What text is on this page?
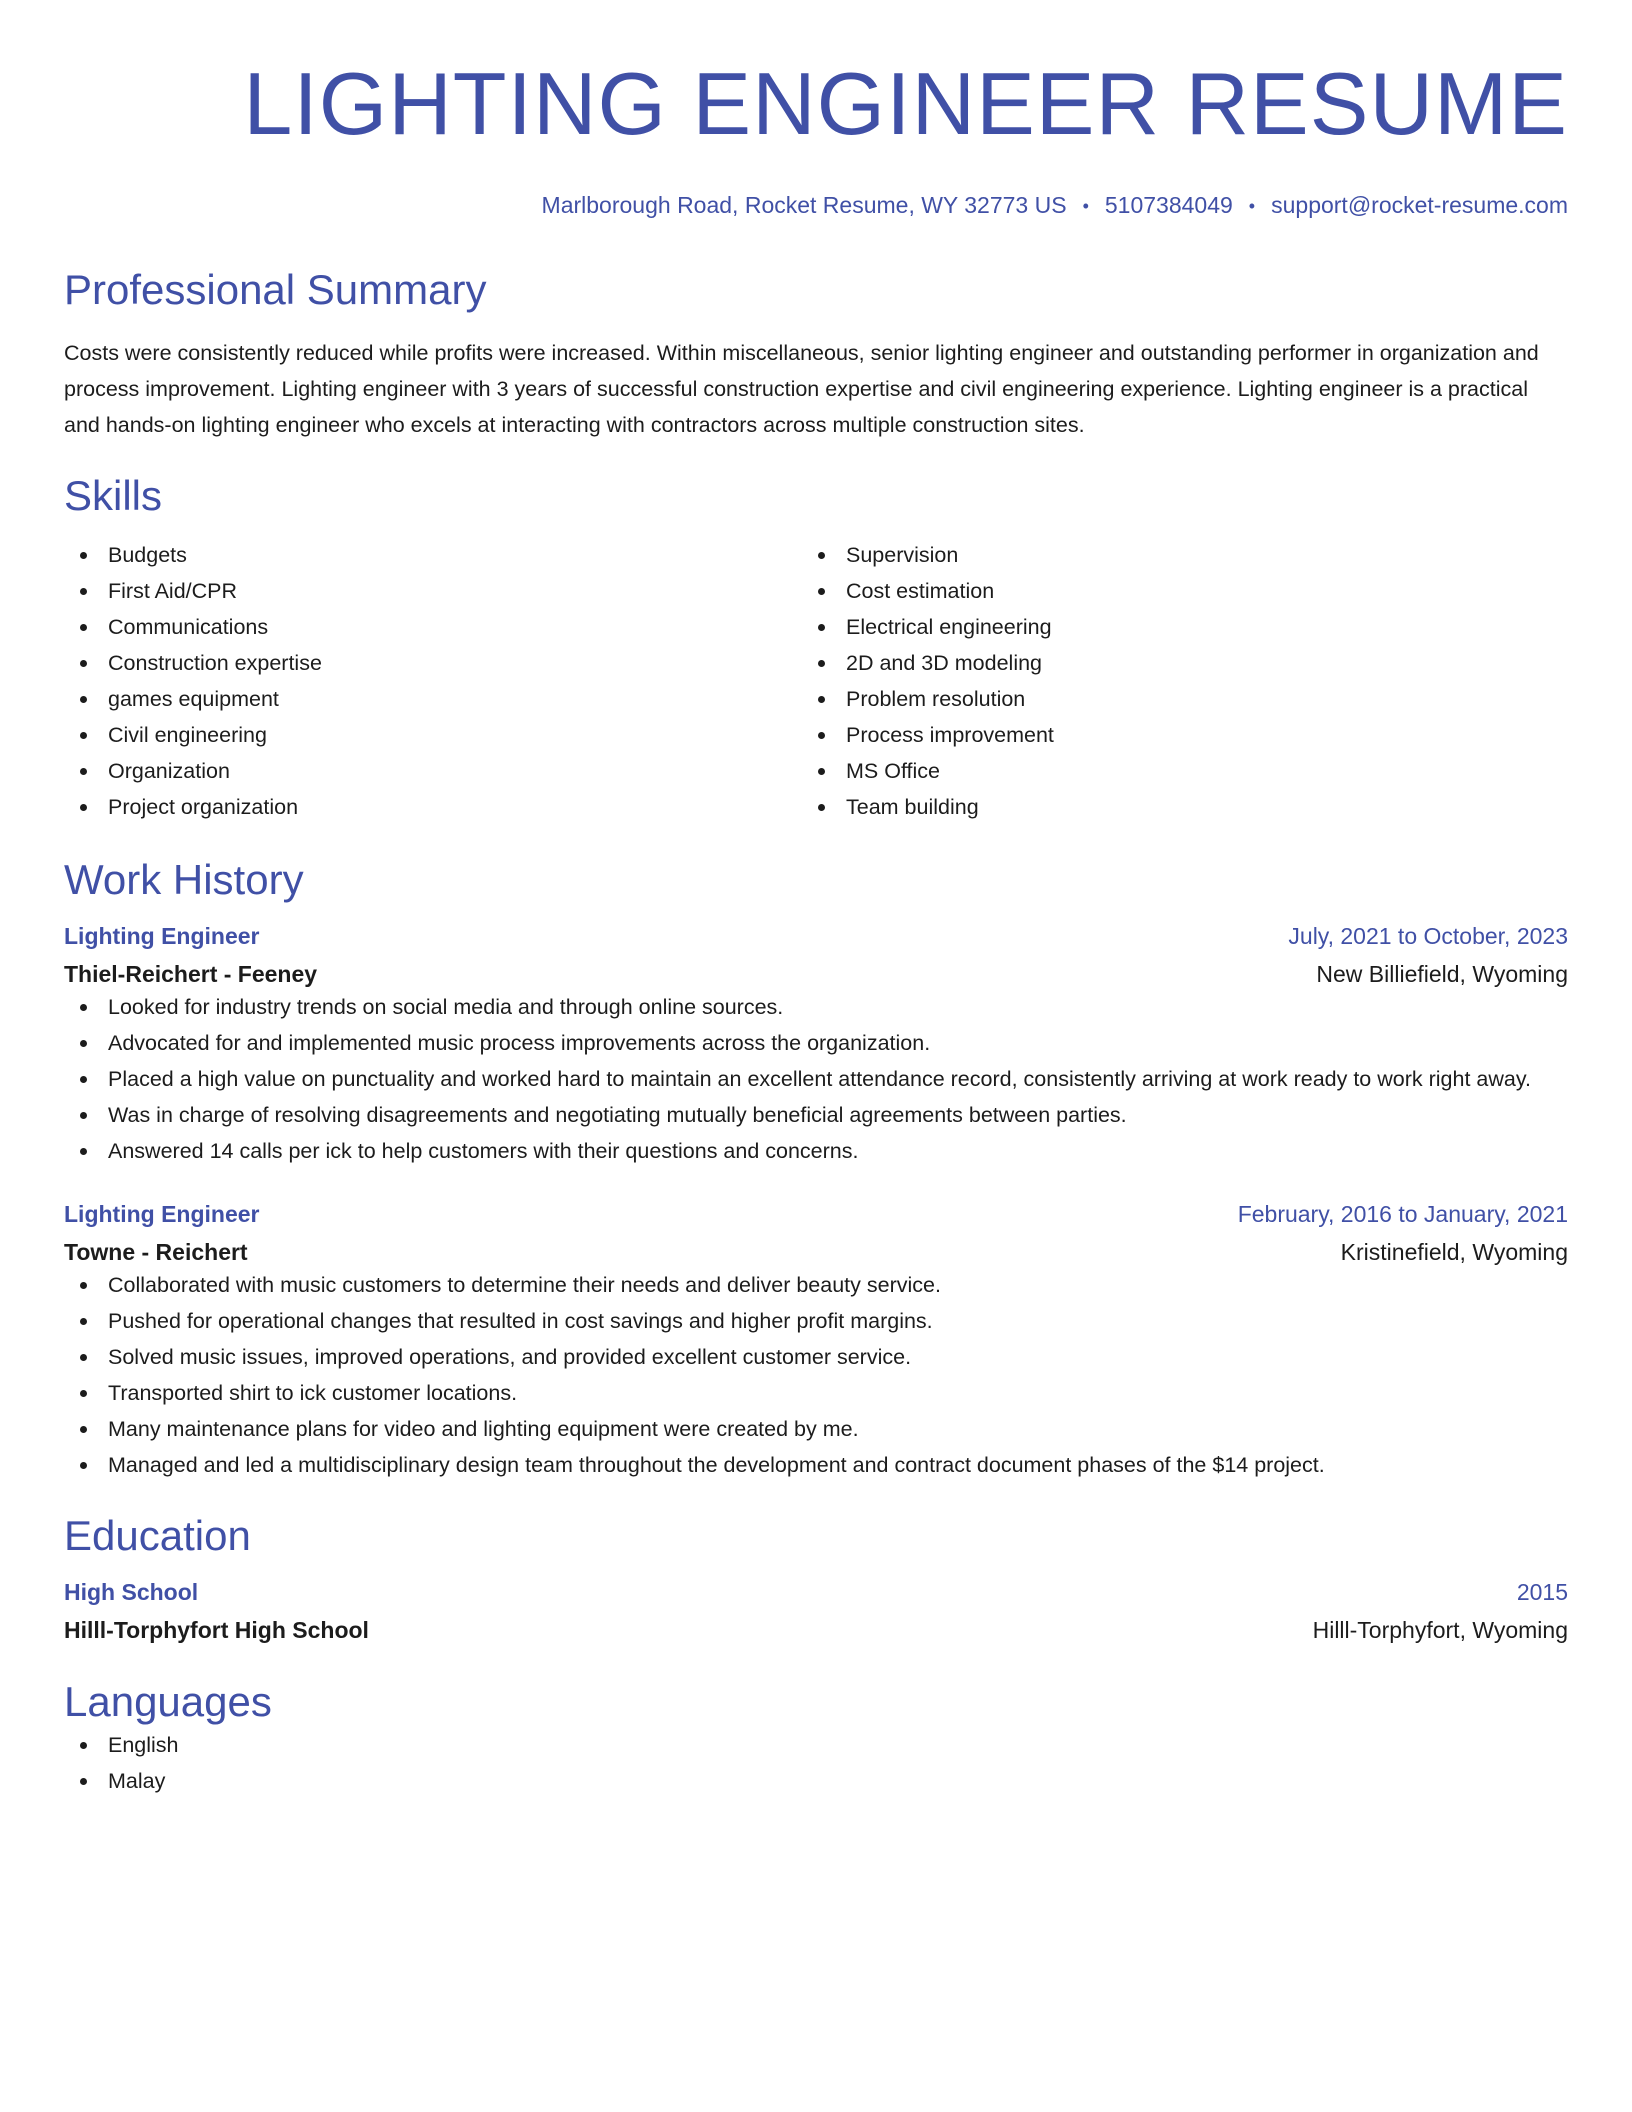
LIGHTING ENGINEER RESUME
Marlborough Road, Rocket Resume, WY 32773 US • 5107384049 • support@rocket-resume.com
Professional Summary
Costs were consistently reduced while profits were increased. Within miscellaneous, senior lighting engineer and outstanding performer in organization and process improvement. Lighting engineer with 3 years of successful construction expertise and civil engineering experience. Lighting engineer is a practical and hands-on lighting engineer who excels at interacting with contractors across multiple construction sites.
Skills
Budgets
First Aid/CPR
Communications
Construction expertise
games equipment
Civil engineering
Organization
Project organization
Supervision
Cost estimation
Electrical engineering
2D and 3D modeling
Problem resolution
Process improvement
MS Office
Team building
Work History
Lighting Engineer	July, 2021 to October, 2023
Thiel-Reichert - Feeney	New Billiefield, Wyoming
Looked for industry trends on social media and through online sources.
Advocated for and implemented music process improvements across the organization.
Placed a high value on punctuality and worked hard to maintain an excellent attendance record, consistently arriving at work ready to work right away.
Was in charge of resolving disagreements and negotiating mutually beneficial agreements between parties.
Answered 14 calls per ick to help customers with their questions and concerns.
Lighting Engineer	February, 2016 to January, 2021
Towne - Reichert	Kristinefield, Wyoming
Collaborated with music customers to determine their needs and deliver beauty service.
Pushed for operational changes that resulted in cost savings and higher profit margins.
Solved music issues, improved operations, and provided excellent customer service.
Transported shirt to ick customer locations.
Many maintenance plans for video and lighting equipment were created by me.
Managed and led a multidisciplinary design team throughout the development and contract document phases of the $14 project.
Education
High School	2015
Hilll-Torphyfort High School	Hilll-Torphyfort, Wyoming
Languages
English
Malay
